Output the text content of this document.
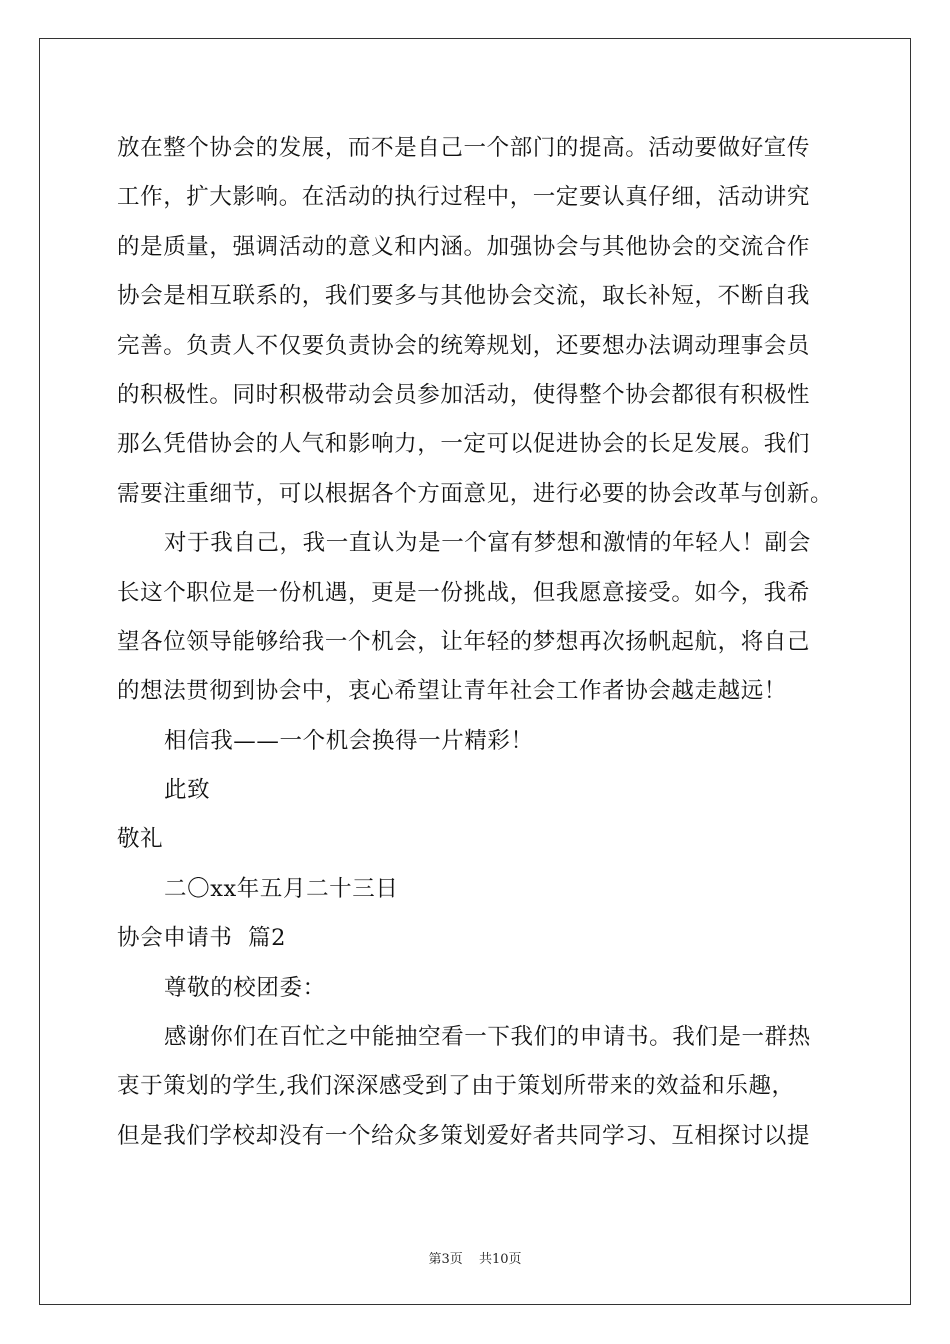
放在整个协会的发展，而不是自己一个部门的提高。活动要做好宣传
工作，扩大影响。在活动的执行过程中，一定要认真仔细，活动讲究
的是质量，强调活动的意义和内涵。加强协会与其他协会的交流合作
协会是相互联系的，我们要多与其他协会交流，取长补短，不断自我
完善。负责人不仅要负责协会的统筹规划，还要想办法调动理事会员
的积极性。同时积极带动会员参加活动，使得整个协会都很有积极性
那么凭借协会的人气和影响力，一定可以促进协会的长足发展。我们
需要注重细节，可以根据各个方面意见，进行必要的协会改革与创新。
对于我自己，我一直认为是一个富有梦想和激情的年轻人！副会
长这个职位是一份机遇，更是一份挑战，但我愿意接受。如今，我希
望各位领导能够给我一个机会，让年轻的梦想再次扬帆起航，将自己
的想法贯彻到协会中，衷心希望让青年社会工作者协会越走越远！
相信我——一个机会换得一片精彩！
此致
敬礼
二〇xx年五月二十三日
协会申请书  篇2
尊敬的校团委：
感谢你们在百忙之中能抽空看一下我们的申请书。我们是一群热
衷于策划的学生,我们深深感受到了由于策划所带来的效益和乐趣，
但是我们学校却没有一个给众多策划爱好者共同学习、互相探讨以提
第3页 共10页
